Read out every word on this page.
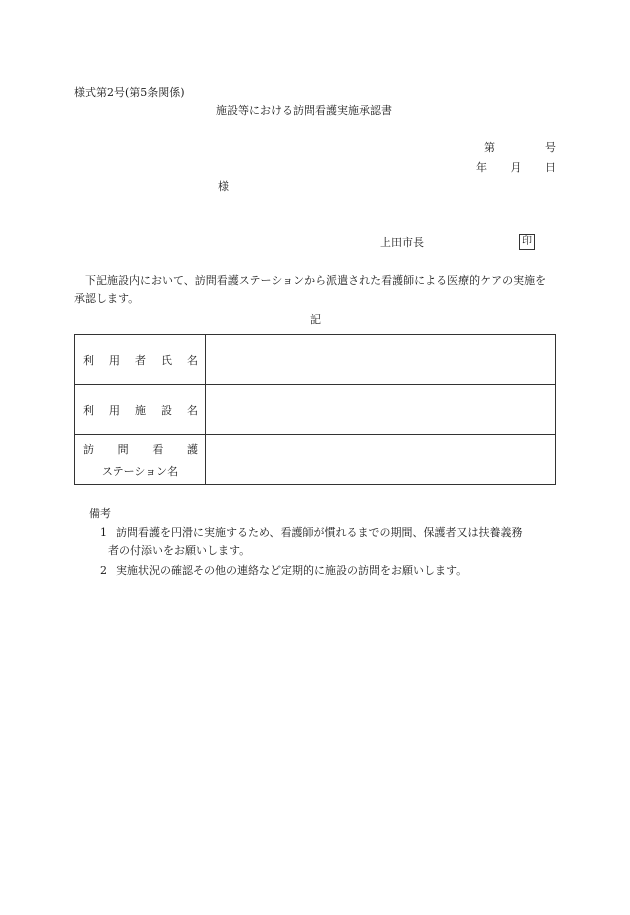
様式第2号(第5条関係)
施設等における訪問看護実施承認書
第	号
年 月 日
様
上田市長	印

　下記施設内において、訪問看護ステーションから派遣された看護師による医療的ケアの実施を承認します。

記
利 用 者 氏 名	

利 用 施 設 名	

訪 問 看 護
ステーション名	

備考
1 訪問看護を円滑に実施するため、看護師が慣れるまでの期間、保護者又は扶養義務
者の付添いをお願いします。
2 実施状況の確認その他の連絡など定期的に施設の訪問をお願いします。
